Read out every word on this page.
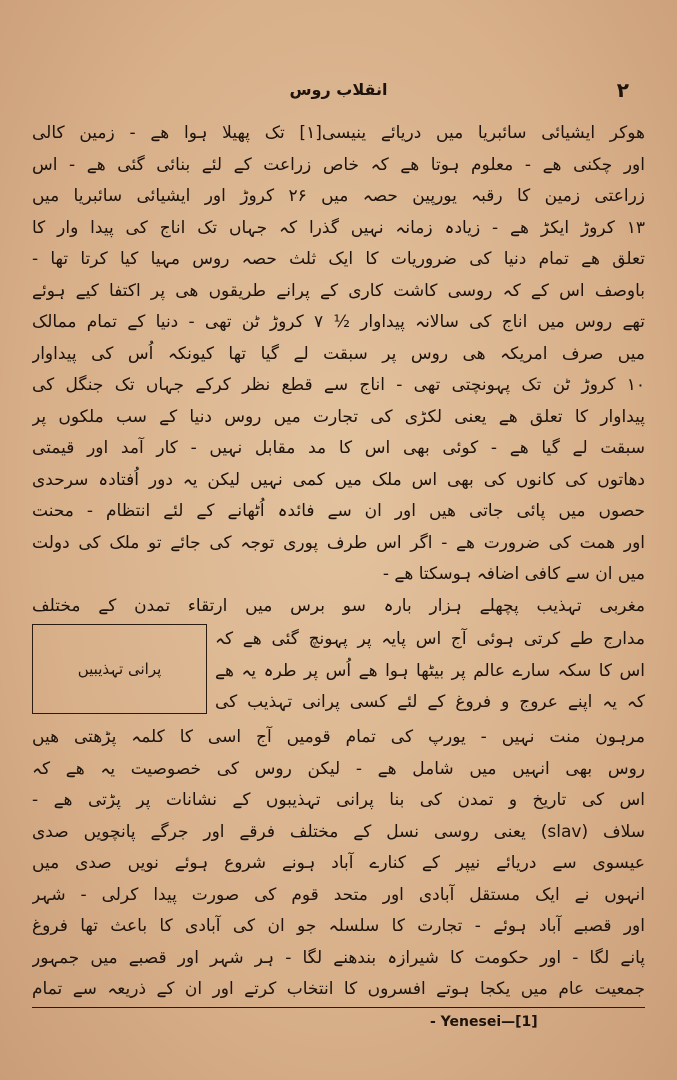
۲
انقلاب روس
ھوکر ایشیائی سائبریا میں دریائے ینیسی[۱] تک پھیلا ہوا ھے - زمین کالی
اور چکنی ھے - معلوم ہوتا ھے کہ خاص زراعت کے لئے بنائی گئی ھے - اس
زراعتی زمین کا رقبہ یورپین حصہ میں ۲۶ کروڑ اور ایشیائی سائبریا میں
۱۳ کروڑ ایکڑ ھے - زیادہ زمانہ نہیں گذرا کہ جہاں تک اناج کی پیدا وار کا
تعلق ھے تمام دنیا کی ضروریات کا ایک ثلث حصہ روس مہیا کیا کرتا تھا -
باوصف اس کے کہ روسی کاشت کاری کے پرانے طریقوں ھی پر اکتفا کیے ہوئے
تھے روس میں اناج کی سالانہ پیداوار ½ ۷ کروڑ ٹن تھی - دنیا کے تمام ممالک
میں صرف امریکہ ھی روس پر سبقت لے گیا تھا کیونکہ اُس کی پیداوار
۱۰ کروڑ ٹن تک پہونچتی تھی - اناج سے قطع نظر کرکے جہاں تک جنگل کی
پیداوار کا تعلق ھے یعنی لکڑی کی تجارت میں روس دنیا کے سب ملکوں پر
سبقت لے گیا ھے - کوئی بھی اس کا مد مقابل نہیں - کار آمد اور قیمتی
دھاتوں کی کانوں کی بھی اس ملک میں کمی نہیں لیکن یہ دور اُفتادہ سرحدی
حصوں میں پائی جاتی ھیں اور ان سے فائدہ اُٹھانے کے لئے انتظام - محنت
اور ھمت کی ضرورت ھے - اگر اس طرف پوری توجہ کی جائے تو ملک کی دولت
میں ان سے کافی اضافہ ہوسکتا ھے -
مغربی تہذیب پچھلے ہزار بارہ سو برس میں ارتقاء تمدن کے مختلف
مدارج طے کرتی ہوئی آج اس پایہ پر پہونچ گئی ھے کہ
اس کا سکہ سارے عالم پر بیٹھا ہوا ھے اُس پر طرہ یہ ھے
کہ یہ اپنے عروج و فروغ کے لئے کسی پرانی تہذیب کی
پرانی تہذیبیں
مرہون منت نہیں - یورپ کی تمام قومیں آج اسی کا کلمہ پڑھتی ھیں
روس بھی انہیں میں شامل ھے - لیکن روس کی خصوصیت یہ ھے کہ
اس کی تاریخ و تمدن کی بنا پرانی تہذیبوں کے نشانات پر پڑتی ھے -
سلاف (slav) یعنی روسی نسل کے مختلف فرقے اور جرگے پانچویں صدی
عیسوی سے دریائے نیپر کے کنارے آباد ہونے شروع ہوئے نویں صدی میں
انہوں نے ایک مستقل آبادی اور متحد قوم کی صورت پیدا کرلی - شہر
اور قصبے آباد ہوئے - تجارت کا سلسلہ جو ان کی آبادی کا باعث تھا فروغ
پانے لگا - اور حکومت کا شیرازہ بندھنے لگا - ہر شہر اور قصبے میں جمہور
جمعیت عام میں یکجا ہوتے افسروں کا انتخاب کرتے اور ان کے ذریعہ سے تمام
- Yenesei—[1]
